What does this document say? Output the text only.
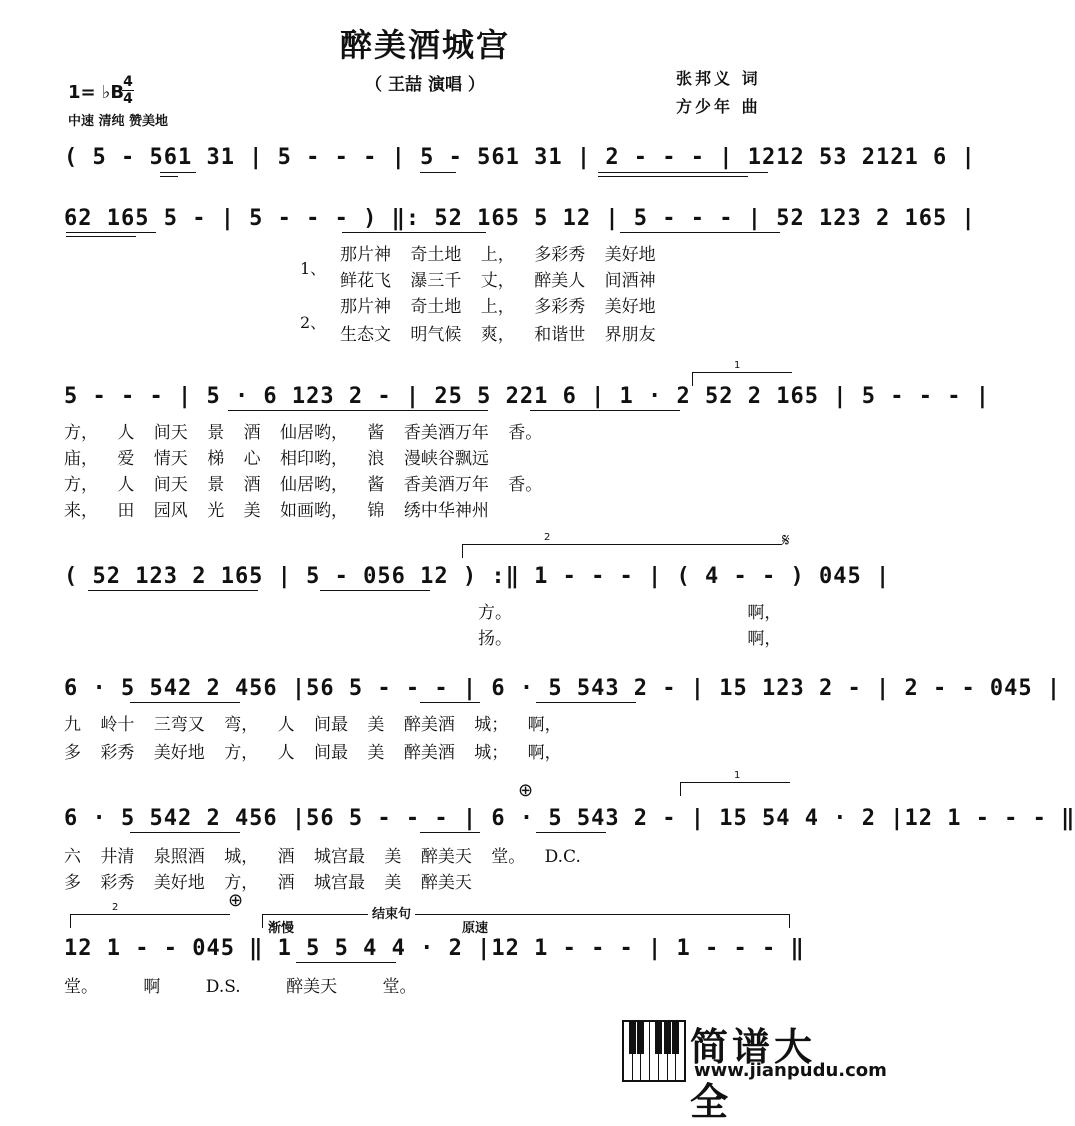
醉美酒城宫
（ 王喆 演唱 ）	张邦义 词
方少年 曲
1= ♭B 4
4
中速 清纯 赞美地
( 5 - 561 31 | 5 - - - | 5 - 561 31 | 2 - - - | 1212 53 2121 6 |
62 165 5 - | 5 - - - ) ‖: 52 165 5 12 | 5 - - - | 52 123 2 165 |
1、
2、
那片神 奇土地 上， 多彩秀 美好地
鲜花飞 瀑三千 丈， 醉美人 间酒神
那片神 奇土地 上， 多彩秀 美好地
生态文 明气候 爽， 和谐世 界朋友
1
5 - - - | 5 · 6 123 2 - | 25 5 221 6 | 1 · 2 52 2 165 | 5 - - - |
方， 人 间天 景 酒 仙居哟， 酱 香美酒万年 香。
庙， 爱 情天 梯 心 相印哟， 浪 漫峡谷飘远
方， 人 间天 景 酒 仙居哟， 酱 香美酒万年 香。
来， 田 园风 光 美 如画哟， 锦 绣中华神州
2	𝄋
( 52 123 2 165 | 5 - 056 12 ) :‖ 1 - - - | ( 4 - - ) 045 |
方。 啊，
扬。 啊，
6 · 5 542 2 456 |56 5 - - - | 6 · 5 543 2 - | 15 123 2 - | 2 - - 045 |
九 岭十 三弯又 弯， 人 间最 美 醉美酒 城； 啊，
多 彩秀 美好地 方， 人 间最 美 醉美酒 城； 啊，
⊕
1
6 · 5 542 2 456 |56 5 - - - | 6 · 5 543 2 - | 15 54 4 · 2 |12 1 - - - ‖
六 井清 泉照酒 城， 酒 城宫最 美 醉美天 堂。 D.C.
多 彩秀 美好地 方， 酒 城宫最 美 醉美天
2	⊕
结束句
渐慢	原速
12 1 - - 045 ‖ 1 5 5 4 4 · 2 |12 1 - - - | 1 - - - ‖
堂。 啊 D.S. 醉美天 堂。
简谱大全
www.jianpudu.com
